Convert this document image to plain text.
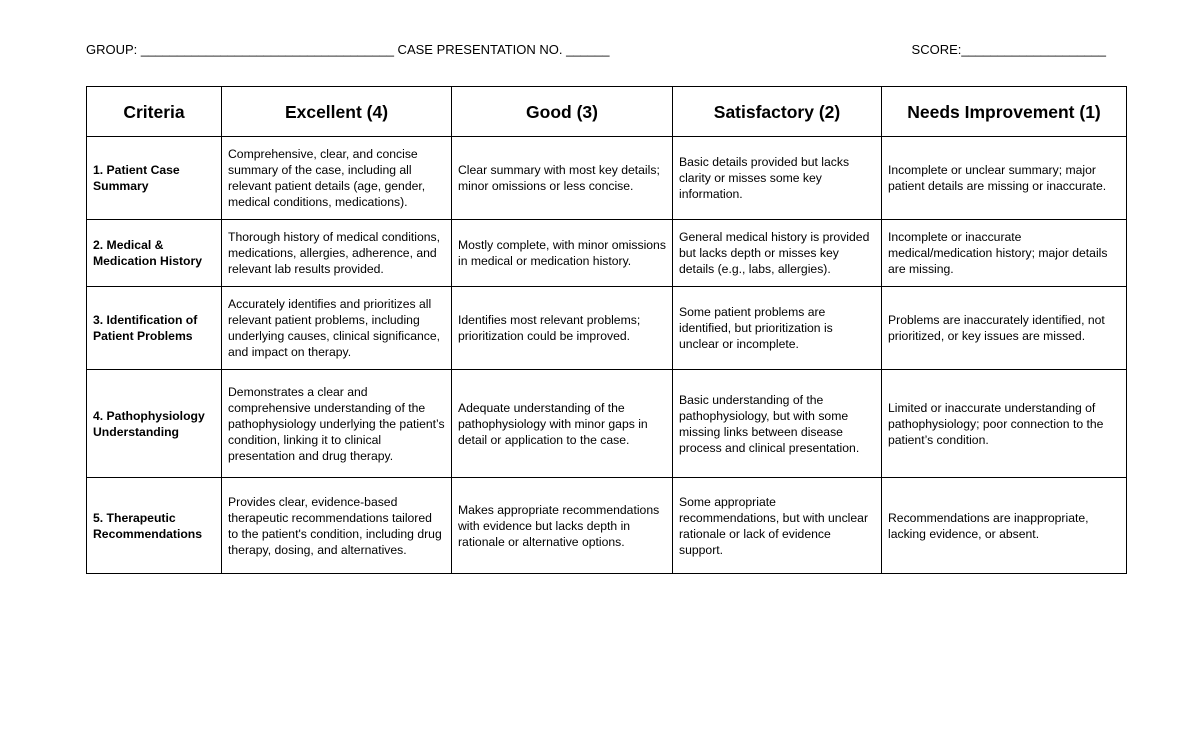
GROUP: ___________________________________ CASE PRESENTATION NO. ______

	SCORE:____________________

Criteria	Excellent (4)	Good (3)	Satisfactory (2)	Needs Improvement (1)
1. Patient Case Summary	Comprehensive, clear, and concise summary of the case, including all relevant patient details (age, gender, medical conditions, medications).	Clear summary with most key details; minor omissions or less concise.	Basic details provided but lacks clarity or misses some key information.	Incomplete or unclear summary; major patient details are missing or inaccurate.
2. Medical & Medication History	Thorough history of medical conditions, medications, allergies, adherence, and relevant lab results provided.	Mostly complete, with minor omissions in medical or medication history.	General medical history is provided but lacks depth or misses key details (e.g., labs, allergies).	Incomplete or inaccurate medical/medication history; major details are missing.
3. Identification of Patient Problems	Accurately identifies and prioritizes all relevant patient problems, including underlying causes, clinical significance, and impact on therapy.	Identifies most relevant problems; prioritization could be improved.	Some patient problems are identified, but prioritization is unclear or incomplete.	Problems are inaccurately identified, not prioritized, or key issues are missed.
4. Pathophysiology Understanding	Demonstrates a clear and comprehensive understanding of the pathophysiology underlying the patient’s condition, linking it to clinical presentation and drug therapy.	Adequate understanding of the pathophysiology with minor gaps in detail or application to the case.	Basic understanding of the pathophysiology, but with some missing links between disease process and clinical presentation.	Limited or inaccurate understanding of pathophysiology; poor connection to the patient’s condition.
5. Therapeutic Recommendations	Provides clear, evidence-based therapeutic recommendations tailored to the patient's condition, including drug therapy, dosing, and alternatives.	Makes appropriate recommendations with evidence but lacks depth in rationale or alternative options.	Some appropriate recommendations, but with unclear rationale or lack of evidence support.	Recommendations are inappropriate, lacking evidence, or absent.
